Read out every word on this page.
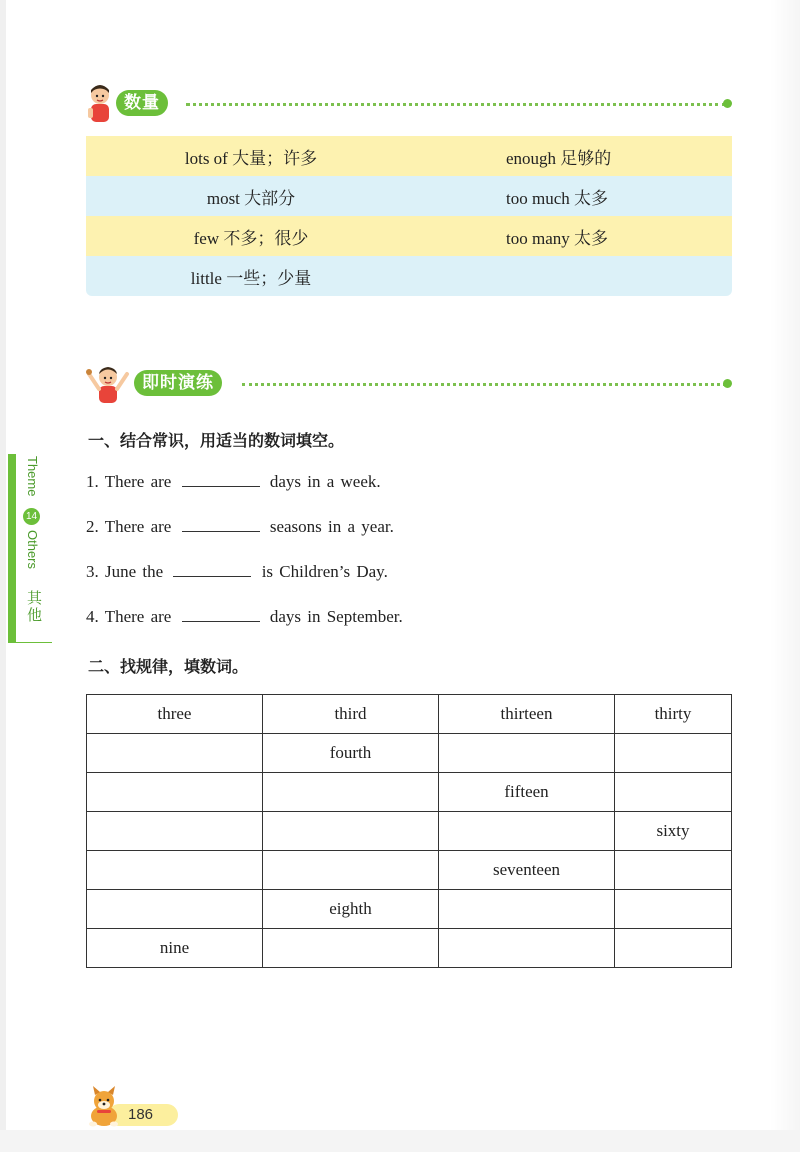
数量
lots of 大量；许多	enough 足够的
most 大部分	too much 太多
few 不多；很少	too many 太多
little 一些；少量
即时演练
Theme
14
Others
其他
一、结合常识，用适当的数词填空。
1. There are	days in a week.
2. There are	seasons in a year.
3. June the	is Children’s Day.
4. There are	days in September.
二、找规律，填数词。
three	third	thirteen	thirty
	fourth		
		fifteen	
			sixty
		seventeen	
	eighth		
nine			
186
